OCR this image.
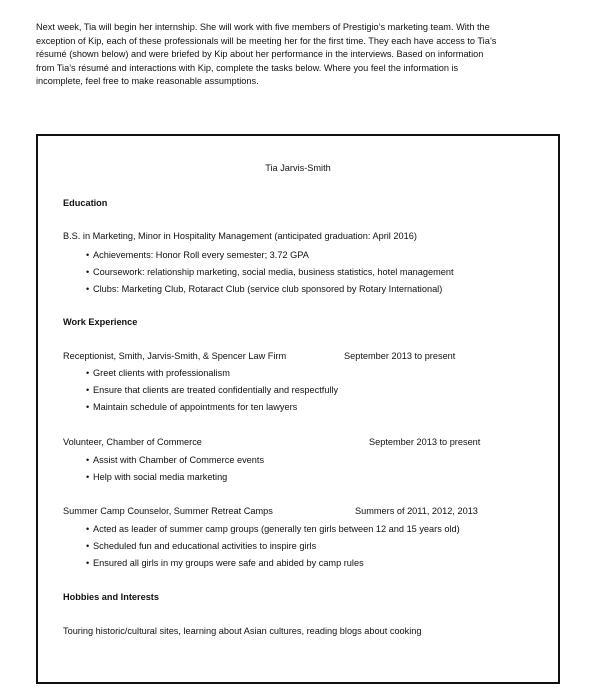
Next week, Tia will begin her internship. She will work with five members of Prestigio’s marketing team. With the
exception of Kip, each of these professionals will be meeting her for the first time. They each have access to Tia’s
résumé (shown below) and were briefed by Kip about her performance in the interviews. Based on information
from Tia’s résumé and interactions with Kip, complete the tasks below. Where you feel the information is
incomplete, feel free to make reasonable assumptions.
Tia Jarvis-Smith
Education
B.S. in Marketing, Minor in Hospitality Management (anticipated graduation: April 2016)
• Achievements: Honor Roll every semester; 3.72 GPA
• Coursework: relationship marketing, social media, business statistics, hotel management
• Clubs: Marketing Club, Rotaract Club (service club sponsored by Rotary International)
Work Experience
Receptionist, Smith, Jarvis-Smith, & Spencer Law Firm	September 2013 to present
• Greet clients with professionalism
• Ensure that clients are treated confidentially and respectfully
• Maintain schedule of appointments for ten lawyers
Volunteer, Chamber of Commerce	September 2013 to present
• Assist with Chamber of Commerce events
• Help with social media marketing
Summer Camp Counselor, Summer Retreat Camps	Summers of 2011, 2012, 2013
• Acted as leader of summer camp groups (generally ten girls between 12 and 15 years old)
• Scheduled fun and educational activities to inspire girls
• Ensured all girls in my groups were safe and abided by camp rules
Hobbies and Interests
Touring historic/cultural sites, learning about Asian cultures, reading blogs about cooking
